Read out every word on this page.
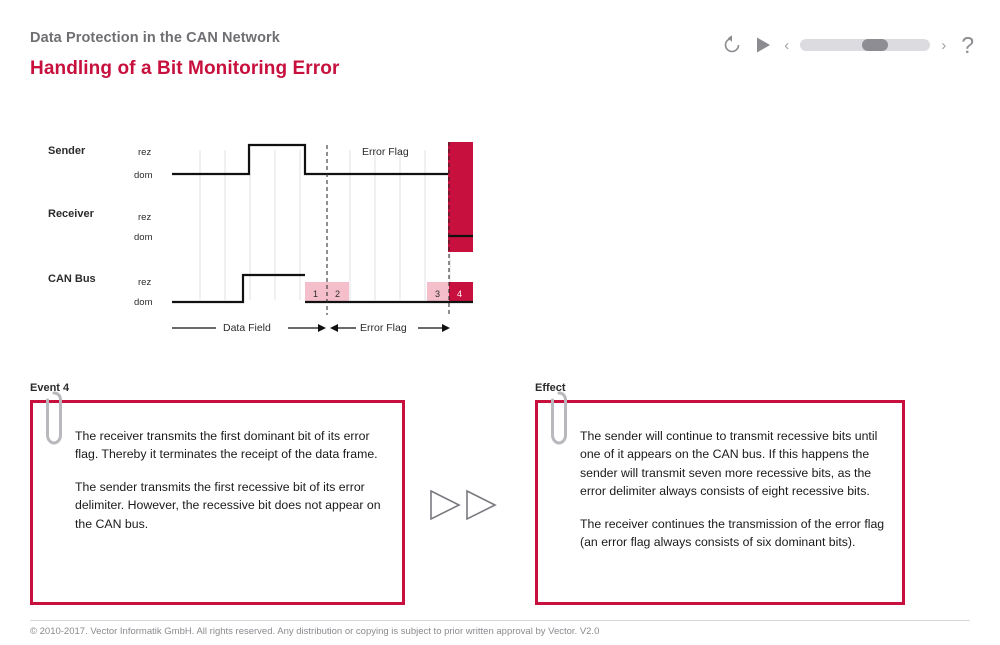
Data Protection in the CAN Network
Handling of a Bit Monitoring Error
‹	› ?
Sender	rez
dom
Error Flag
Receiver	rez
dom
CAN Bus	rez
dom
1 2	3 4
Data Field	Error Flag
Event 4

The receiver transmits the first dominant bit of its error flag. Thereby it terminates the receipt of the data frame.

The sender transmits the first recessive bit of its error delimiter. However, the recessive bit does not appear on the CAN bus.

Effect

The sender will continue to transmit recessive bits until one of it appears on the CAN bus. If this happens the sender will transmit seven more recessive bits, as the error delimiter always consists of eight recessive bits.

The receiver continues the transmission of the error flag (an error flag always consists of six dominant bits).

© 2010-2017. Vector Informatik GmbH. All rights reserved. Any distribution or copying is subject to prior written approval by Vector. V2.0
